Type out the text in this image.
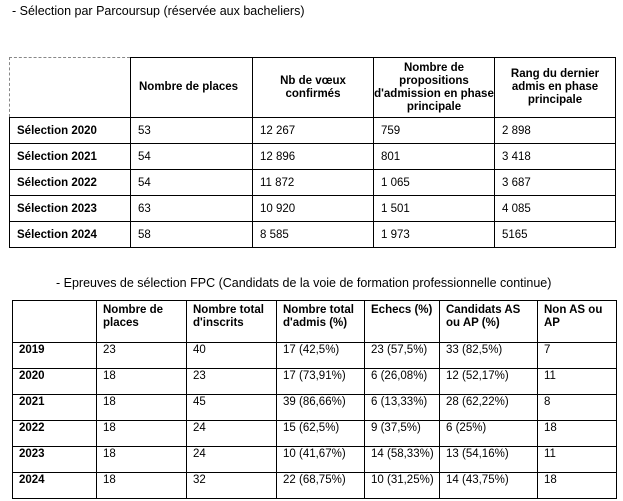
- Sélection par Parcoursup (réservée aux bacheliers)
	Nombre de places	Nb de vœux confirmés	Nombre de propositions d'admission en phase principale	Rang du dernier admis en phase principale
Sélection 2020	53	12 267	759	2 898
Sélection 2021	54	12 896	801	3 418
Sélection 2022	54	11 872	1 065	3 687
Sélection 2023	63	10 920	1 501	4 085
Sélection 2024	58	8 585	1 973	5165
- Epreuves de sélection FPC (Candidats de la voie de formation professionnelle continue)
	Nombre de places	Nombre total d'inscrits	Nombre total d'admis (%)	Echecs (%)	Candidats AS ou AP (%)	Non AS ou AP
2019	23	40	17 (42,5%)	23 (57,5%)	33 (82,5%)	7
2020	18	23	17 (73,91%)	6 (26,08%)	12 (52,17%)	11
2021	18	45	39 (86,66%)	6 (13,33%)	28 (62,22%)	8
2022	18	24	15 (62,5%)	9 (37,5%)	6 (25%)	18
2023	18	24	10 (41,67%)	14 (58,33%)	13 (54,16%)	11
2024	18	32	22 (68,75%)	10 (31,25%)	14 (43,75%)	18
